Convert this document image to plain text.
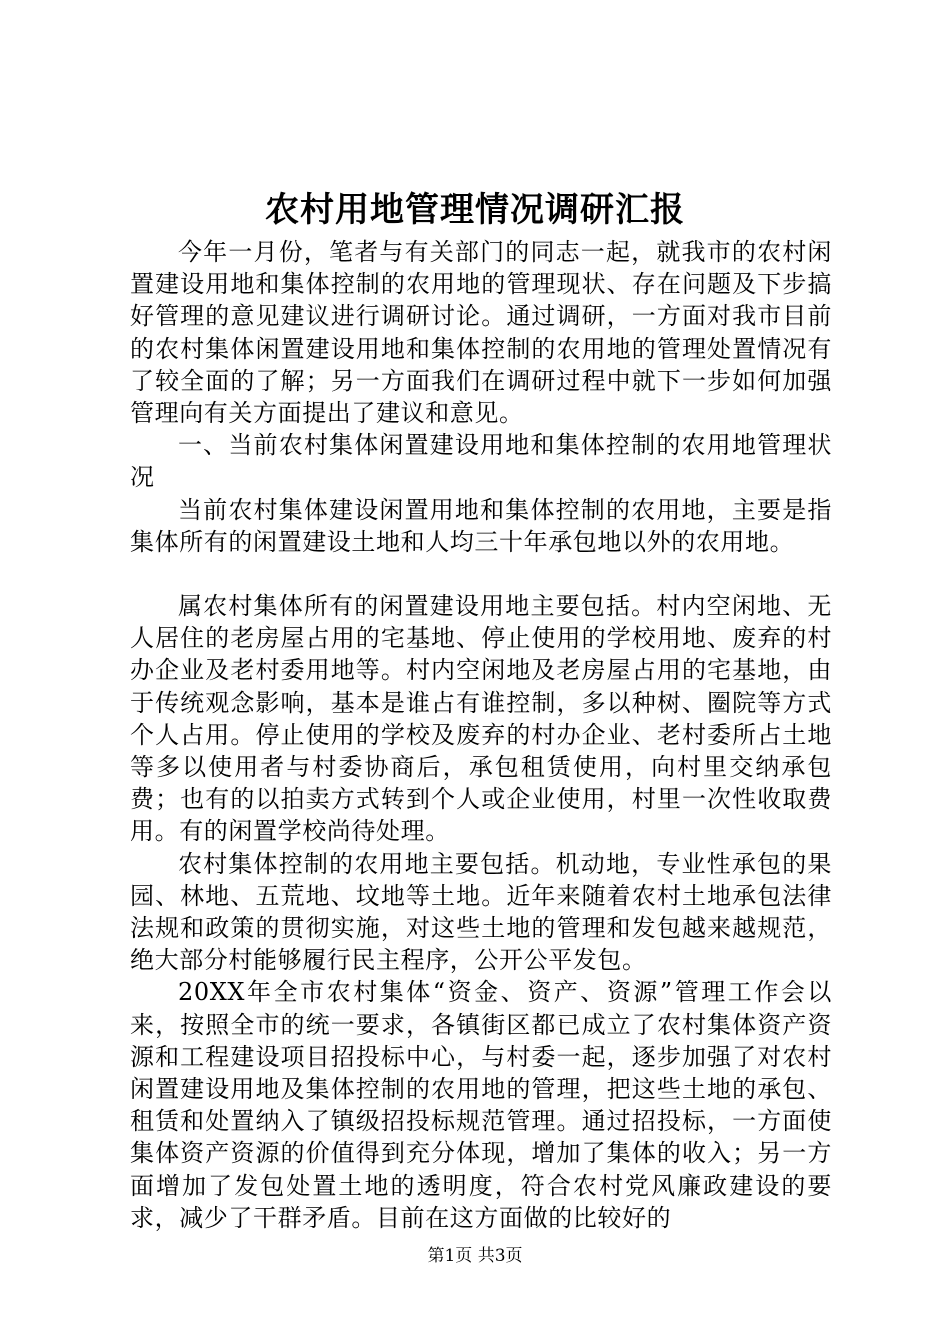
农村用地管理情况调研汇报

今年一月份，笔者与有关部门的同志一起，就我市的农村闲置建设用地和集体控制的农用地的管理现状、存在问题及下步搞好管理的意见建议进行调研讨论。通过调研，一方面对我市目前的农村集体闲置建设用地和集体控制的农用地的管理处置情况有了较全面的了解；另一方面我们在调研过程中就下一步如何加强管理向有关方面提出了建议和意见。

一、当前农村集体闲置建设用地和集体控制的农用地管理状况

当前农村集体建设闲置用地和集体控制的农用地，主要是指集体所有的闲置建设土地和人均三十年承包地以外的农用地。

属农村集体所有的闲置建设用地主要包括。村内空闲地、无人居住的老房屋占用的宅基地、停止使用的学校用地、废弃的村办企业及老村委用地等。村内空闲地及老房屋占用的宅基地，由于传统观念影响，基本是谁占有谁控制，多以种树、圈院等方式个人占用。停止使用的学校及废弃的村办企业、老村委所占土地等多以使用者与村委协商后，承包租赁使用，向村里交纳承包费；也有的以拍卖方式转到个人或企业使用，村里一次性收取费用。有的闲置学校尚待处理。

农村集体控制的农用地主要包括。机动地，专业性承包的果园、林地、五荒地、坟地等土地。近年来随着农村土地承包法律法规和政策的贯彻实施，对这些土地的管理和发包越来越规范，绝大部分村能够履行民主程序，公开公平发包。

20XX年全市农村集体“资金、资产、资源”管理工作会以来，按照全市的统一要求，各镇街区都已成立了农村集体资产资源和工程建设项目招投标中心，与村委一起，逐步加强了对农村闲置建设用地及集体控制的农用地的管理，把这些土地的承包、租赁和处置纳入了镇级招投标规范管理。通过招投标，一方面使集体资产资源的价值得到充分体现，增加了集体的收入；另一方面增加了发包处置土地的透明度，符合农村党风廉政建设的要求，减少了干群矛盾。目前在这方面做的比较好的

第1页 共3页
